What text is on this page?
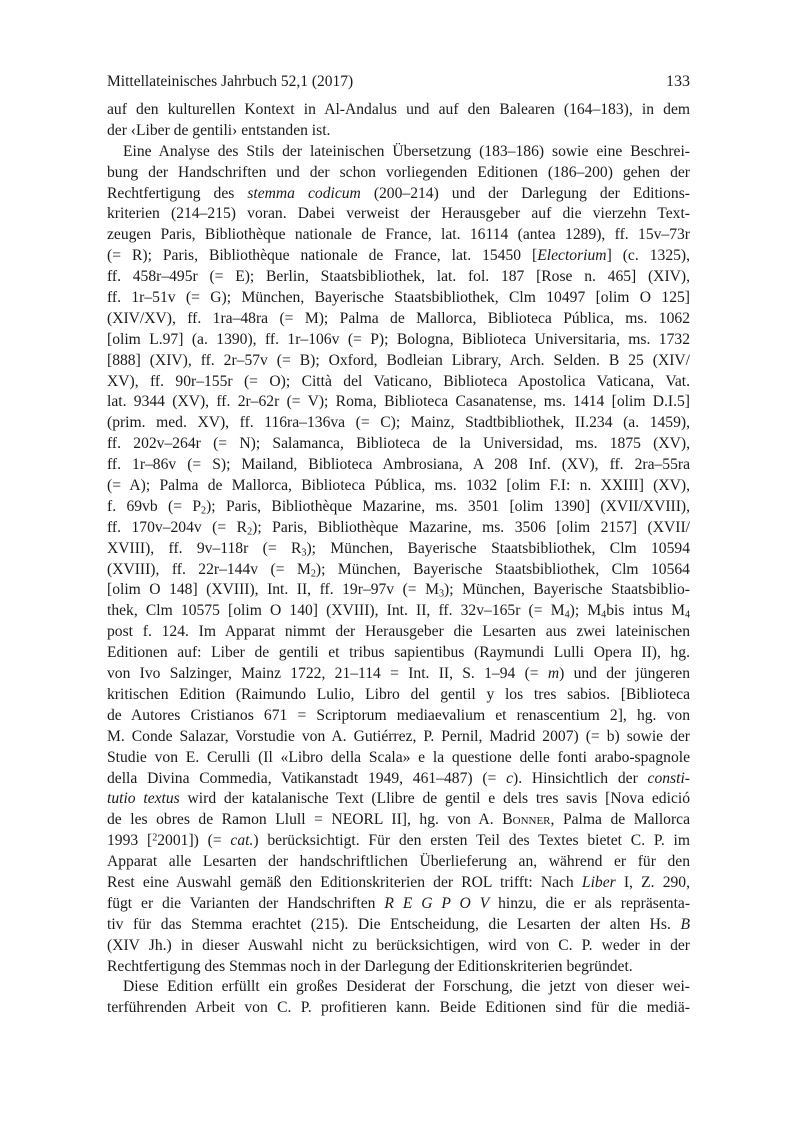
Mittellateinisches Jahrbuch 52,1 (2017)	133
auf den kulturellen Kontext in Al-Andalus und auf den Balearen (164–183), in dem
der ‹Liber de gentili› entstanden ist.
Eine Analyse des Stils der lateinischen Übersetzung (183–186) sowie eine Beschrei-
bung der Handschriften und der schon vorliegenden Editionen (186–200) gehen der
Rechtfertigung des stemma codicum (200–214) und der Darlegung der Editions-
kriterien (214–215) voran. Dabei verweist der Herausgeber auf die vierzehn Text-
zeugen Paris, Bibliothèque nationale de France, lat. 16114 (antea 1289), ff. 15v–73r
(= R); Paris, Bibliothèque nationale de France, lat. 15450 [Electorium] (c. 1325),
ff. 458r–495r (= E); Berlin, Staatsbibliothek, lat. fol. 187 [Rose n. 465] (XIV),
ff. 1r–51v (= G); München, Bayerische Staatsbibliothek, Clm 10497 [olim O 125]
(XIV/XV), ff. 1ra–48ra (= M); Palma de Mallorca, Biblioteca Pública, ms. 1062
[olim L.97] (a. 1390), ff. 1r–106v (= P); Bologna, Biblioteca Universitaria, ms. 1732
[888] (XIV), ff. 2r–57v (= B); Oxford, Bodleian Library, Arch. Selden. B 25 (XIV/
XV), ff. 90r–155r (= O); Città del Vaticano, Biblioteca Apostolica Vaticana, Vat.
lat. 9344 (XV), ff. 2r–62r (= V); Roma, Biblioteca Casanatense, ms. 1414 [olim D.I.5]
(prim. med. XV), ff. 116ra–136va (= C); Mainz, Stadtbibliothek, II.234 (a. 1459),
ff. 202v–264r (= N); Salamanca, Biblioteca de la Universidad, ms. 1875 (XV),
ff. 1r–86v (= S); Mailand, Biblioteca Ambrosiana, A 208 Inf. (XV), ff. 2ra–55ra
(= A); Palma de Mallorca, Biblioteca Pública, ms. 1032 [olim F.I: n. XXIII] (XV),
f. 69vb (= $P_2$); Paris, Bibliothèque Mazarine, ms. 3501 [olim 1390] (XVII/XVIII),
ff. 170v–204v (= $R_2$); Paris, Bibliothèque Mazarine, ms. 3506 [olim 2157] (XVII/
XVIII), ff. 9v–118r (= $R_3$); München, Bayerische Staatsbibliothek, Clm 10594
(XVIII), ff. 22r–144v (= $M_2$); München, Bayerische Staatsbibliothek, Clm 10564
[olim O 148] (XVIII), Int. II, ff. 19r–97v (= $M_3$); München, Bayerische Staatsbiblio-
thek, Clm 10575 [olim O 140] (XVIII), Int. II, ff. 32v–165r (= $M_4$); $M_4bis$ intus $M_4$
post f. 124. Im Apparat nimmt der Herausgeber die Lesarten aus zwei lateinischen
Editionen auf: Liber de gentili et tribus sapientibus (Raymundi Lulli Opera II), hg.
von Ivo Salzinger, Mainz 1722, 21–114 = Int. II, S. 1–94 (= m) und der jüngeren
kritischen Edition (Raimundo Lulio, Libro del gentil y los tres sabios. [Biblioteca
de Autores Cristianos 671 = Scriptorum mediaevalium et renascentium 2], hg. von
M. Conde Salazar, Vorstudie von A. Gutiérrez, P. Pernil, Madrid 2007) (= b) sowie der
Studie von E. Cerulli (Il «Libro della Scala» e la questione delle fonti arabo-spagnole
della Divina Commedia, Vatikanstadt 1949, 461–487) (= c). Hinsichtlich der consti-
tutio textus wird der katalanische Text (Llibre de gentil e dels tres savis [Nova edició
de les obres de Ramon Llull = NEORL II], hg. von A. Bonner, Palma de Mallorca
1993 [$^2$2001]) (= cat.) berücksichtigt. Für den ersten Teil des Textes bietet C. P. im
Apparat alle Lesarten der handschriftlichen Überlieferung an, während er für den
Rest eine Auswahl gemäß den Editionskriterien der ROL trifft: Nach Liber I, Z. 290,
fügt er die Varianten der Handschriften R E G P O V hinzu, die er als repräsenta-
tiv für das Stemma erachtet (215). Die Entscheidung, die Lesarten der alten Hs. B
(XIV Jh.) in dieser Auswahl nicht zu berücksichtigen, wird von C. P. weder in der
Rechtfertigung des Stemmas noch in der Darlegung der Editionskriterien begründet.
Diese Edition erfüllt ein großes Desiderat der Forschung, die jetzt von dieser wei-
terführenden Arbeit von C. P. profitieren kann. Beide Editionen sind für die mediä-
